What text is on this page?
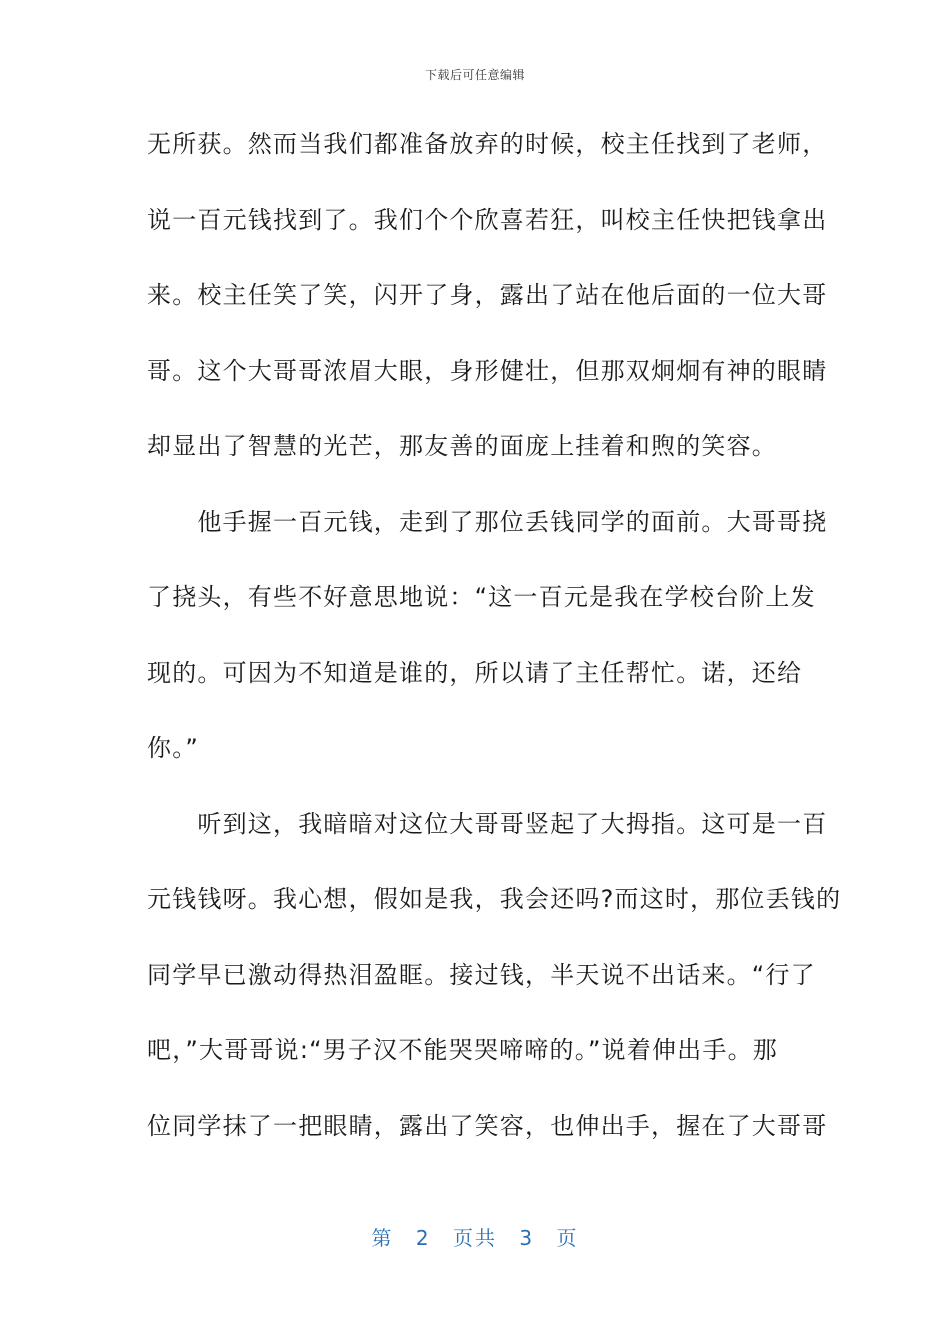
下载后可任意编辑
无所获。然而当我们都准备放弃的时候，校主任找到了老师，
说一百元钱找到了。我们个个欣喜若狂，叫校主任快把钱拿出
来。校主任笑了笑，闪开了身，露出了站在他后面的一位大哥
哥。这个大哥哥浓眉大眼，身形健壮，但那双炯炯有神的眼睛
却显出了智慧的光芒，那友善的面庞上挂着和煦的笑容。
　　他手握一百元钱，走到了那位丢钱同学的面前。大哥哥挠
了挠头，有些不好意思地说：“这一百元是我在学校台阶上发
现的。可因为不知道是谁的，所以请了主任帮忙。诺，还给
你。”
　　听到这，我暗暗对这位大哥哥竖起了大拇指。这可是一百
元钱钱呀。我心想，假如是我，我会还吗?而这时，那位丢钱的
同学早已激动得热泪盈眶。接过钱，半天说不出话来。“行了
吧，”大哥哥说:“男子汉不能哭哭啼啼的。”说着伸出手。那
位同学抹了一把眼睛，露出了笑容，也伸出手，握在了大哥哥
第 2 页共 3 页
